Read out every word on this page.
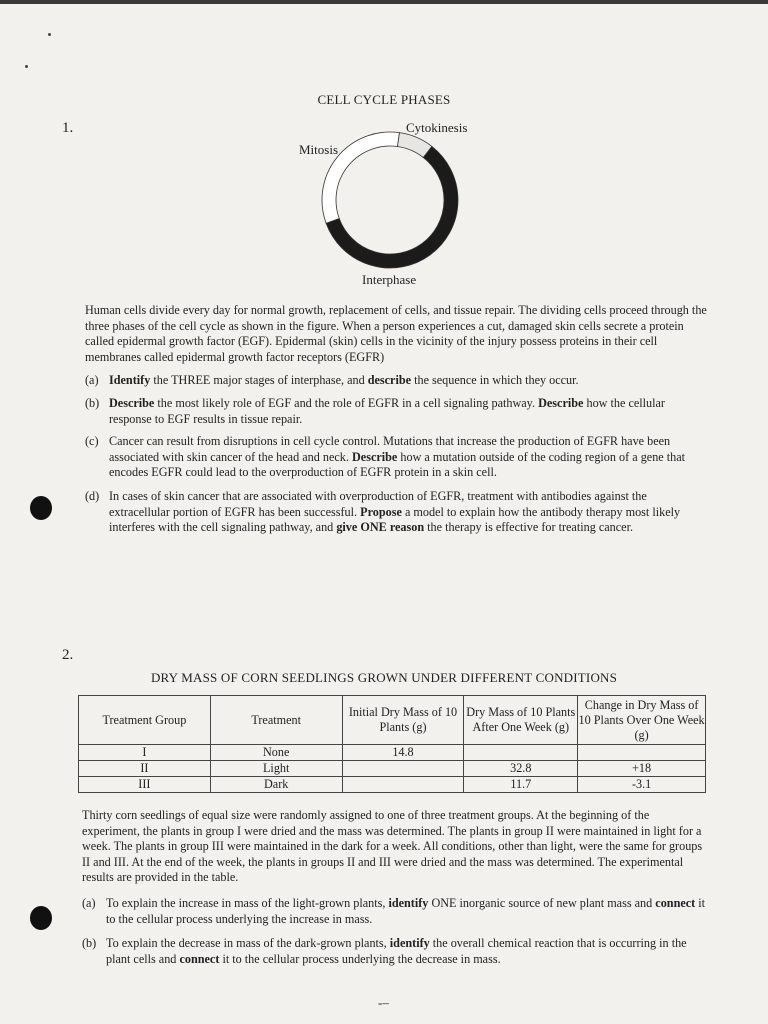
1.
CELL CYCLE PHASES
Mitosis
Cytokinesis
Interphase

Human cells divide every day for normal growth, replacement of cells, and tissue repair. The dividing cells proceed through the three phases of the cell cycle as shown in the figure. When a person experiences a cut, damaged skin cells secrete a protein called epidermal growth factor (EGF). Epidermal (skin) cells in the vicinity of the injury possess proteins in their cell membranes called epidermal growth factor receptors (EGFR)

(a) Identify the THREE major stages of interphase, and describe the sequence in which they occur.
(b) Describe the most likely role of EGF and the role of EGFR in a cell signaling pathway. Describe how the cellular response to EGF results in tissue repair.
(c) Cancer can result from disruptions in cell cycle control. Mutations that increase the production of EGFR have been associated with skin cancer of the head and neck. Describe how a mutation outside of the coding region of a gene that encodes EGFR could lead to the overproduction of EGFR protein in a skin cell.
(d) In cases of skin cancer that are associated with overproduction of EGFR, treatment with antibodies against the extracellular portion of EGFR has been successful. Propose a model to explain how the antibody therapy most likely interferes with the cell signaling pathway, and give ONE reason the therapy is effective for treating cancer.
2.
DRY MASS OF CORN SEEDLINGS GROWN UNDER DIFFERENT CONDITIONS
Treatment Group	Treatment	Initial Dry Mass of 10 Plants (g)	Dry Mass of 10 Plants After One Week (g)	Change in Dry Mass of 10 Plants Over One Week (g)
I	None	14.8		
II	Light		32.8	+18
III	Dark		11.7	-3.1

Thirty corn seedlings of equal size were randomly assigned to one of three treatment groups. At the beginning of the experiment, the plants in group I were dried and the mass was determined. The plants in group II were maintained in light for a week. The plants in group III were maintained in the dark for a week. All conditions, other than light, were the same for groups II and III. At the end of the week, the plants in groups II and III were dried and the mass was determined. The experimental results are provided in the table.

(a) To explain the increase in mass of the light-grown plants, identify ONE inorganic source of new plant mass and connect it to the cellular process underlying the increase in mass.
(b) To explain the decrease in mass of the dark-grown plants, identify the overall chemical reaction that is occurring in the plant cells and connect it to the cellular process underlying the decrease in mass.
-–
